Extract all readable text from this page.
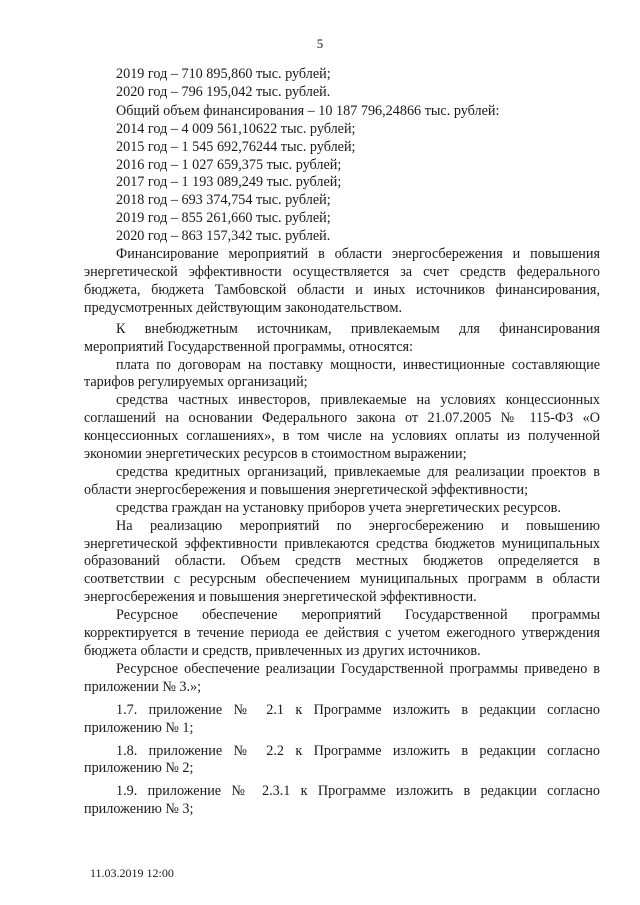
5
2019 год – 710 895,860 тыс. рублей;
2020 год – 796 195,042 тыс. рублей.
Общий объем финансирования – 10 187 796,24866 тыс. рублей:
2014 год – 4 009 561,10622 тыс. рублей;
2015 год – 1 545 692,76244 тыс. рублей;
2016 год – 1 027 659,375 тыс. рублей;
2017 год – 1 193 089,249 тыс. рублей;
2018 год – 693 374,754 тыс. рублей;
2019 год – 855 261,660 тыс. рублей;
2020 год – 863 157,342 тыс. рублей.

Финансирование мероприятий в области энергосбережения и повышения энергетической эффективности осуществляется за счет средств федерального бюджета, бюджета Тамбовской области и иных источников финансирования, предусмотренных действующим законодательством.

К внебюджетным источникам, привлекаемым для финансирования мероприятий Государственной программы, относятся:

плата по договорам на поставку мощности, инвестиционные составляющие тарифов регулируемых организаций;

средства частных инвесторов, привлекаемые на условиях концессионных соглашений на основании Федерального закона от 21.07.2005 № 115-ФЗ «О концессионных соглашениях», в том числе на условиях оплаты из полученной экономии энергетических ресурсов в стоимостном выражении;

средства кредитных организаций, привлекаемые для реализации проектов в области энергосбережения и повышения энергетической эффективности;

средства граждан на установку приборов учета энергетических ресурсов.

На реализацию мероприятий по энергосбережению и повышению энергетической эффективности привлекаются средства бюджетов муниципальных образований области. Объем средств местных бюджетов определяется в соответствии с ресурсным обеспечением муниципальных программ в области энергосбережения и повышения энергетической эффективности.

Ресурсное обеспечение мероприятий Государственной программы корректируется в течение периода ее действия с учетом ежегодного утверждения бюджета области и средств, привлеченных из других источников.

Ресурсное обеспечение реализации Государственной программы приведено в приложении № 3.»;

1.7. приложение № 2.1 к Программе изложить в редакции согласно приложению № 1;

1.8. приложение № 2.2 к Программе изложить в редакции согласно приложению № 2;

1.9. приложение № 2.3.1 к Программе изложить в редакции согласно приложению № 3;

11.03.2019 12:00
